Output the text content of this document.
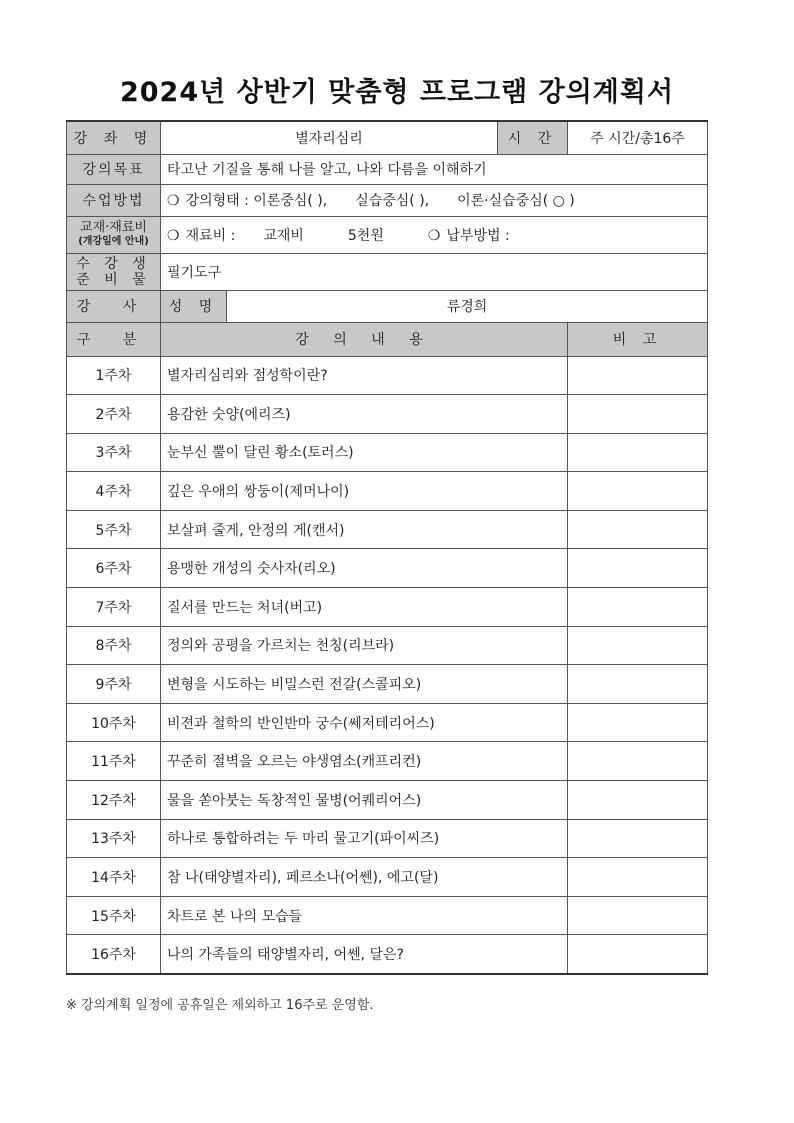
2024년 상반기 맞춤형 프로그램 강의계획서
강 좌 명	별자리심리		시 간	주 시간/총16주
강의목표	타고난 기질을 통해 나를 알고, 나와 다름을 이해하기			
수업방법	❍ 강의형태 : 이론중심( ), 실습중심( ), 이론·실습중심( ○ )			

교재·재료비
(개강일에 안내)	❍ 재료비 : 교재비 5천원 ❍ 납부방법 :			

수 강 생
준 비 물	필기도구			
강 사	성 명	류경희		
구 분	강 의 내 용			비 고
1주차	별자리심리와 점성학이란?			
2주차	용감한 숫양(에리즈)			
3주차	눈부신 뿔이 달린 황소(토러스)			
4주차	깊은 우애의 쌍둥이(제머나이)			
5주차	보살펴 줄게, 안정의 게(캔서)			
6주차	용맹한 개성의 숫사자(리오)			
7주차	질서를 만드는 처녀(버고)			
8주차	정의와 공평을 가르치는 천칭(리브라)			
9주차	변형을 시도하는 비밀스런 전갈(스콜피오)			
10주차	비젼과 철학의 반인반마 궁수(쎄저테리어스)			
11주차	꾸준히 절벽을 오르는 야생염소(캐프리컨)			
12주차	물을 쏟아붓는 독창적인 물병(어퀘리어스)			
13주차	하나로 통합하려는 두 마리 물고기(파이씨즈)			
14주차	참 나(태양별자리), 페르소나(어쎈), 에고(달)			
15주차	차트로 본 나의 모습들			
16주차	나의 가족들의 태양별자리, 어쎈, 달은?			
※ 강의계획 일정에 공휴일은 제외하고 16주로 운영함.
